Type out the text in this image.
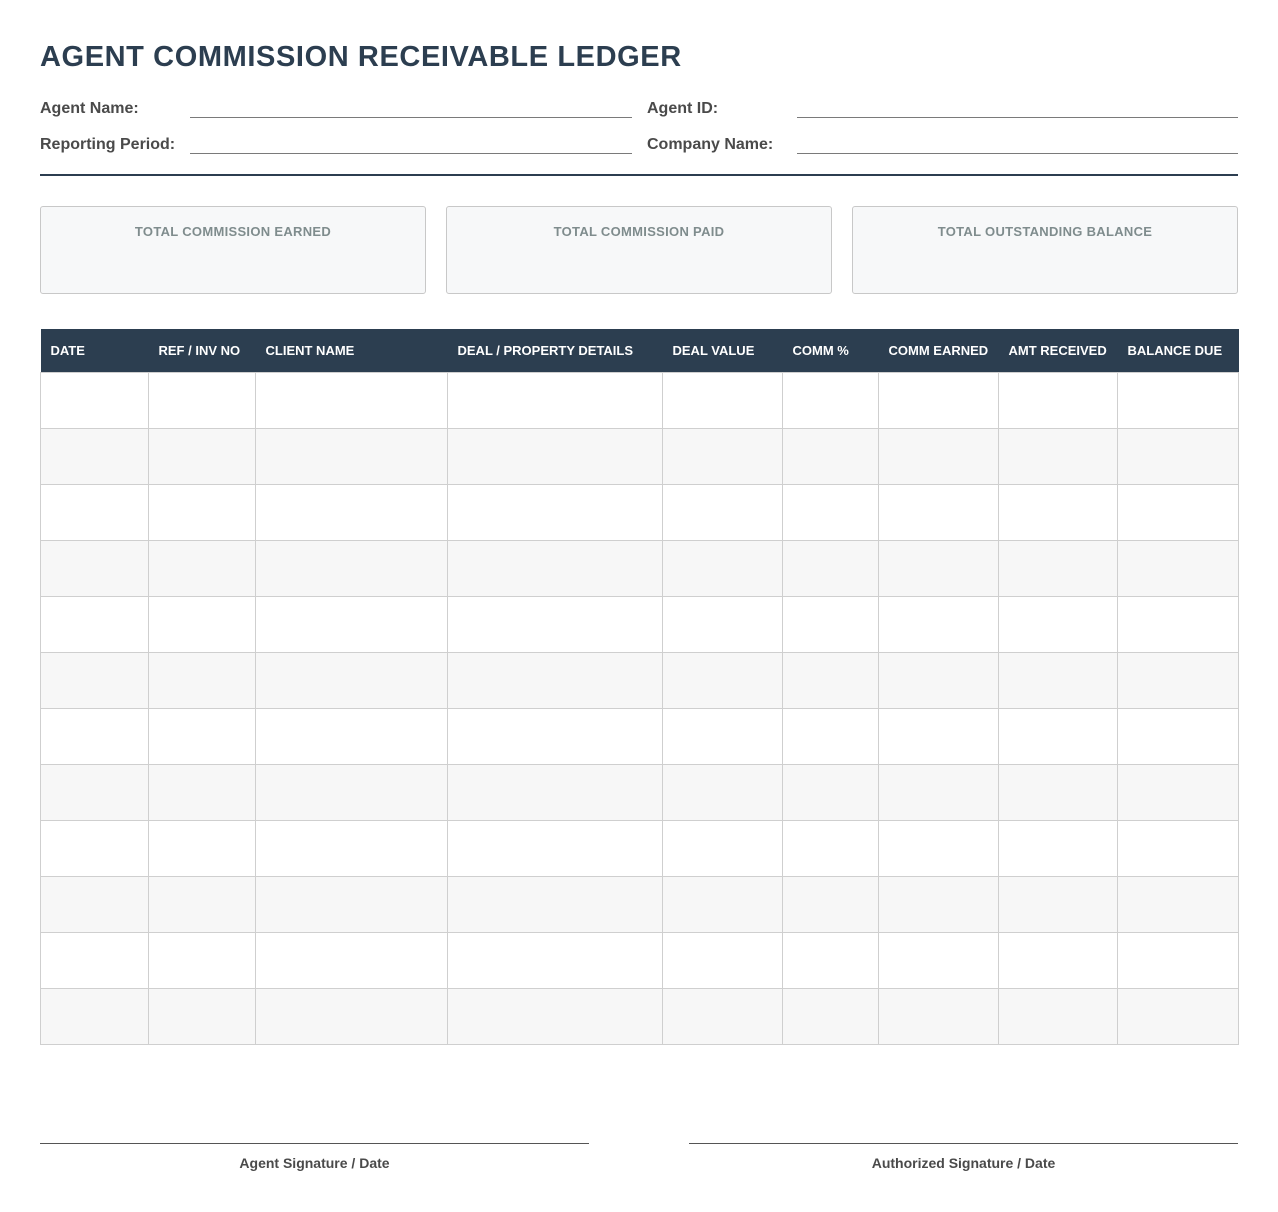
AGENT COMMISSION RECEIVABLE LEDGER
Agent Name:	Agent ID:
Reporting Period:	Company Name:
TOTAL COMMISSION EARNED	TOTAL COMMISSION PAID	TOTAL OUTSTANDING BALANCE
DATE	REF / INV NO	CLIENT NAME	DEAL / PROPERTY DETAILS	DEAL VALUE	COMM %	COMM EARNED	AMT RECEIVED	BALANCE DUE

Agent Signature / Date	Authorized Signature / Date
